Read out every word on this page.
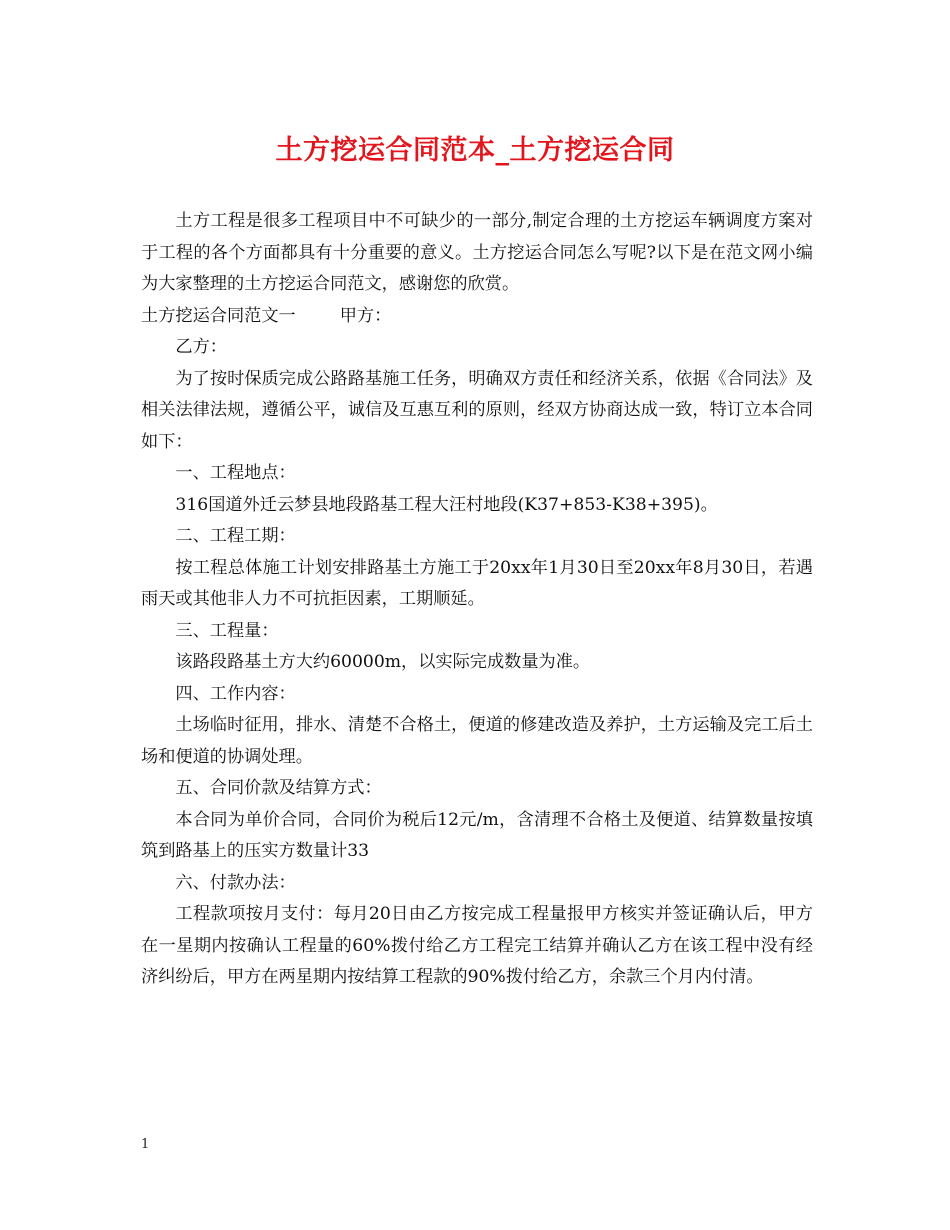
土方挖运合同范本_土方挖运合同

土方工程是很多工程项目中不可缺少的一部分,制定合理的土方挖运车辆调度方案对于工程的各个方面都具有十分重要的意义。土方挖运合同怎么写呢?以下是在范文网小编为大家整理的土方挖运合同范文，感谢您的欣赏。

土方挖运合同范文一	甲方：

乙方：

为了按时保质完成公路路基施工任务，明确双方责任和经济关系，依据《合同法》及相关法律法规，遵循公平，诚信及互惠互利的原则，经双方协商达成一致，特订立本合同如下：

一、工程地点：

316国道外迁云梦县地段路基工程大汪村地段(K37+853-K38+395)。

二、工程工期：

按工程总体施工计划安排路基土方施工于20xx年1月30日至20xx年8月30日，若遇雨天或其他非人力不可抗拒因素，工期顺延。

三、工程量：

该路段路基土方大约60000m，以实际完成数量为准。

四、工作内容：

土场临时征用，排水、清楚不合格土，便道的修建改造及养护，土方运输及完工后土场和便道的协调处理。

五、合同价款及结算方式：

本合同为单价合同，合同价为税后12元/m，含清理不合格土及便道、结算数量按填筑到路基上的压实方数量计33

六、付款办法：

工程款项按月支付：每月20日由乙方按完成工程量报甲方核实并签证确认后，甲方在一星期内按确认工程量的60%拨付给乙方工程完工结算并确认乙方在该工程中没有经济纠纷后，甲方在两星期内按结算工程款的90%拨付给乙方，余款三个月内付清。

1
